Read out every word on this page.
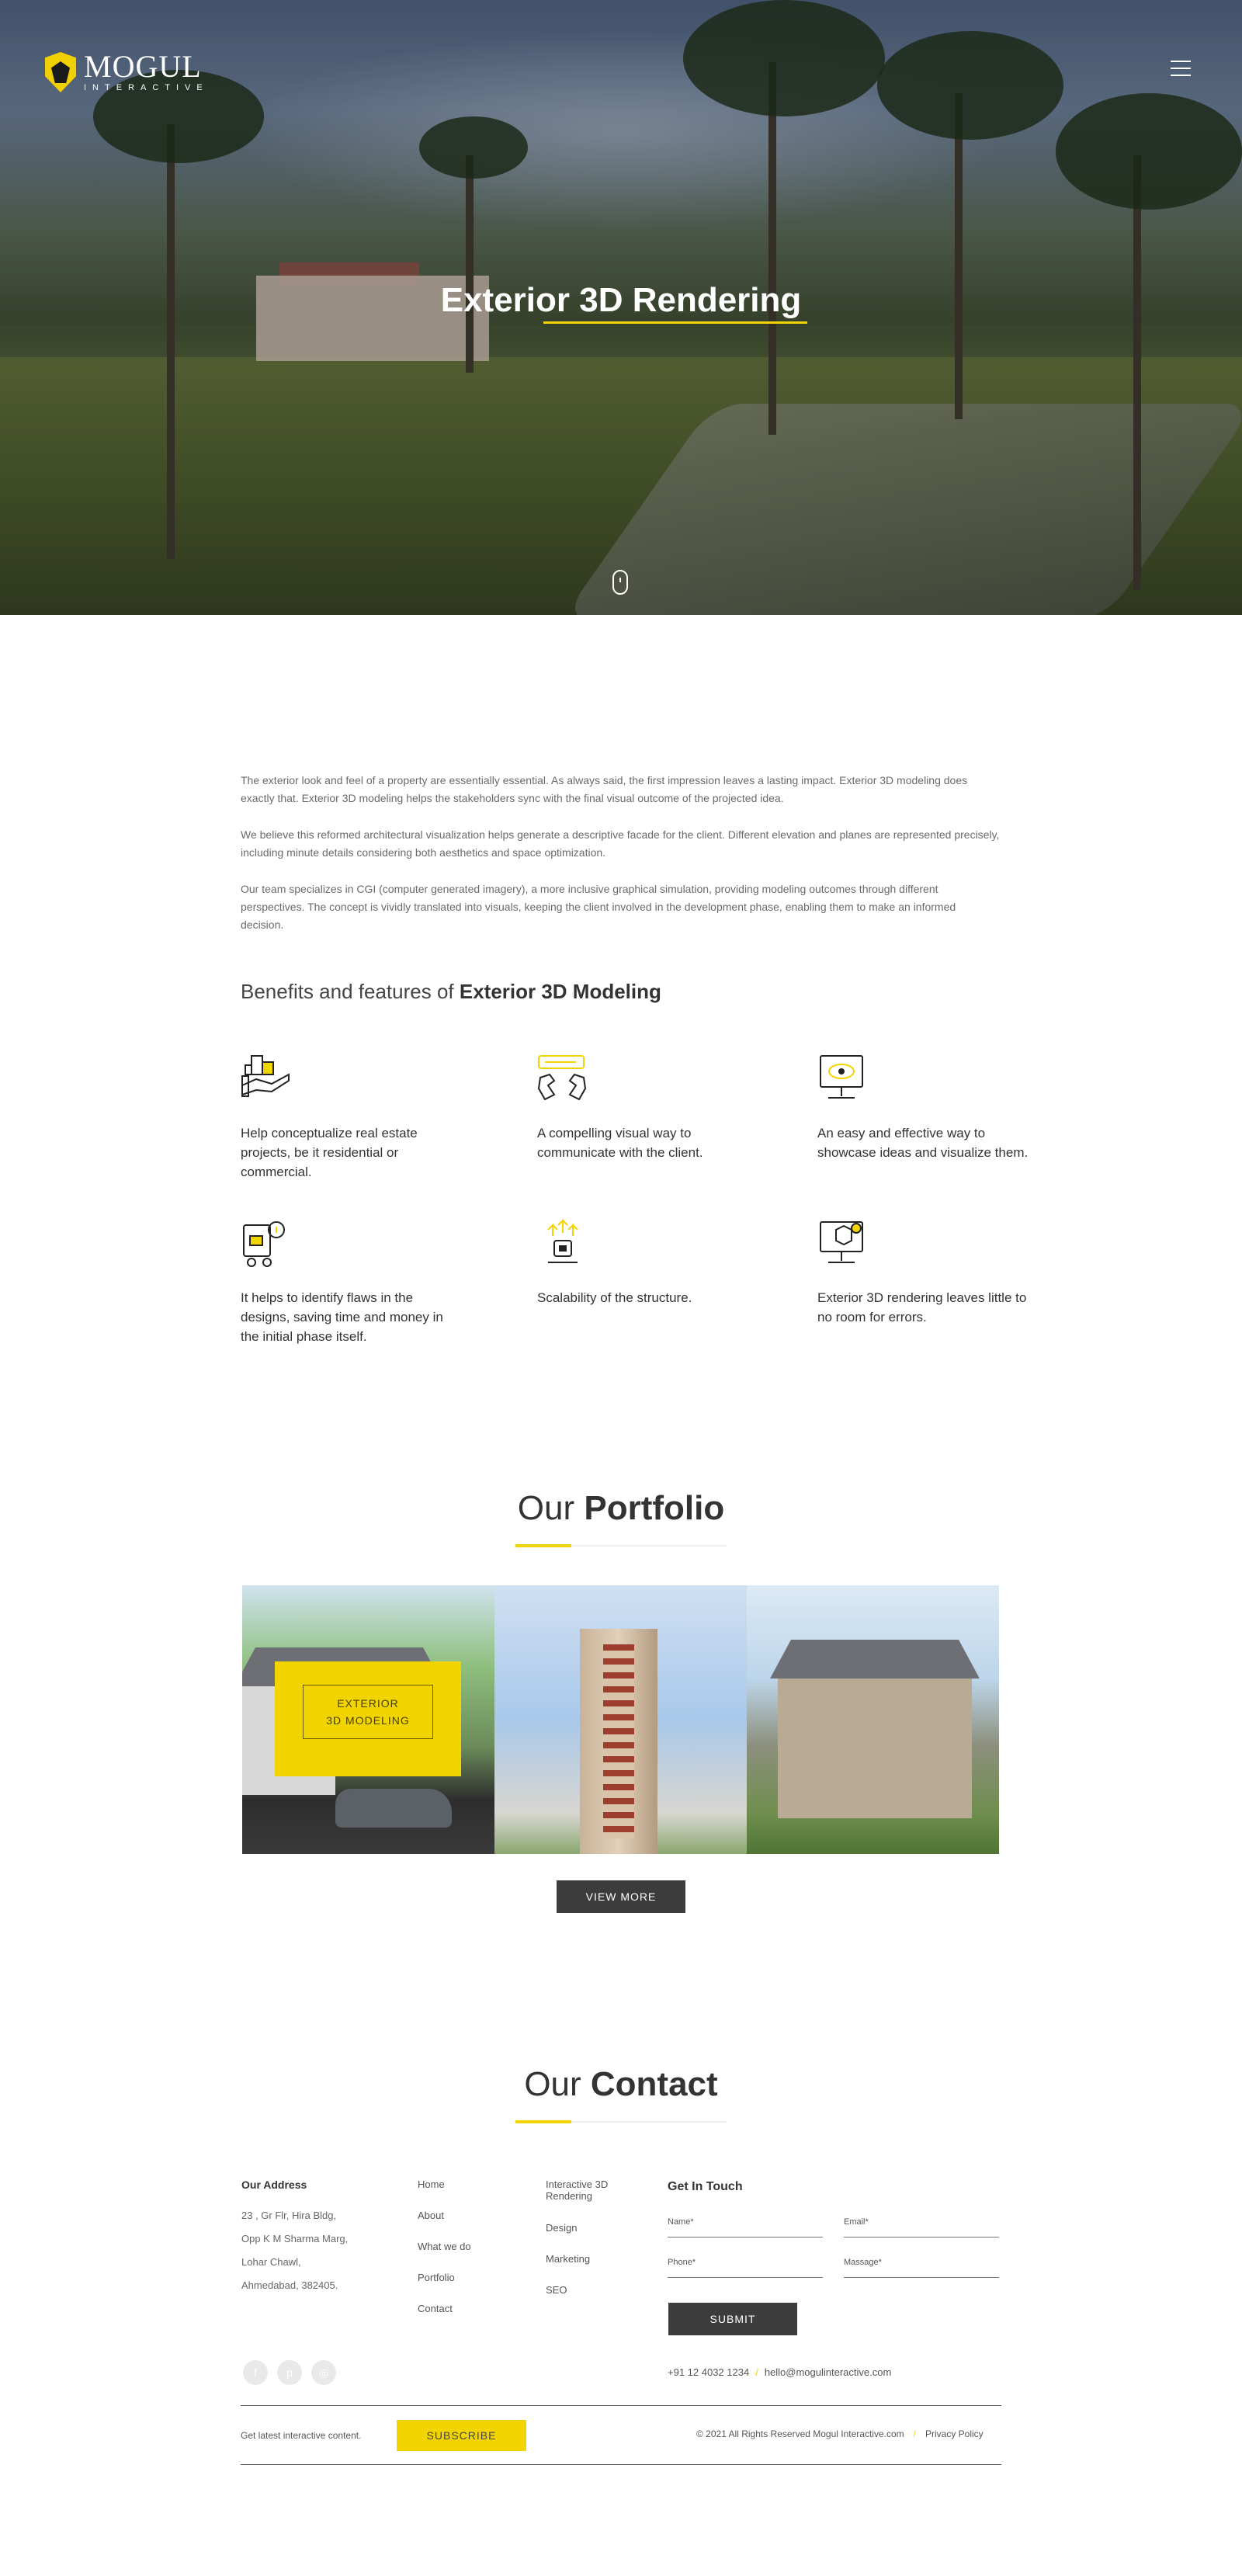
MOGUL
INTERACTIVE
Exterior 3D Rendering

The exterior look and feel of a property are essentially essential. As always said, the first impression leaves a lasting impact. Exterior 3D modeling does exactly that. Exterior 3D modeling helps the stakeholders sync with the final visual outcome of the projected idea.

We believe this reformed architectural visualization helps generate a descriptive facade for the client. Different elevation and planes are represented precisely, including minute details considering both aesthetics and space optimization.

Our team specializes in CGI (computer generated imagery), a more inclusive graphical simulation, providing modeling outcomes through different perspectives. The concept is vividly translated into visuals, keeping the client involved in the development phase, enabling them to make an informed decision.

Benefits and features of Exterior 3D Modeling
Help conceptualize real estate projects, be it residential or commercial.
A compelling visual way to communicate with the client.
An easy and effective way to showcase ideas and visualize them.
It helps to identify flaws in the designs, saving time and money in the initial phase itself.
Scalability of the structure.	Exterior 3D rendering leaves little to no room for errors.
Our Portfolio
EXTERIOR
3D MODELING
VIEW MORE
Our Contact
Our Address
23 , Gr Flr, Hira Bldg,
Opp K M Sharma Marg,
Lohar Chawl,
Ahmedabad, 382405.
Home
About
What we do
Portfolio
Contact
Interactive 3D
Rendering
Design
Marketing
SEO
Get In Touch
Name*	Email*
Phone*	Massage*
SUBMIT
f	p	◎	+91 12 4032 1234 / hello@mogulinteractive.com
Get latest interactive content.	SUBSCRIBE	© 2021 All Rights Reserved Mogul Interactive.com / Privacy Policy
